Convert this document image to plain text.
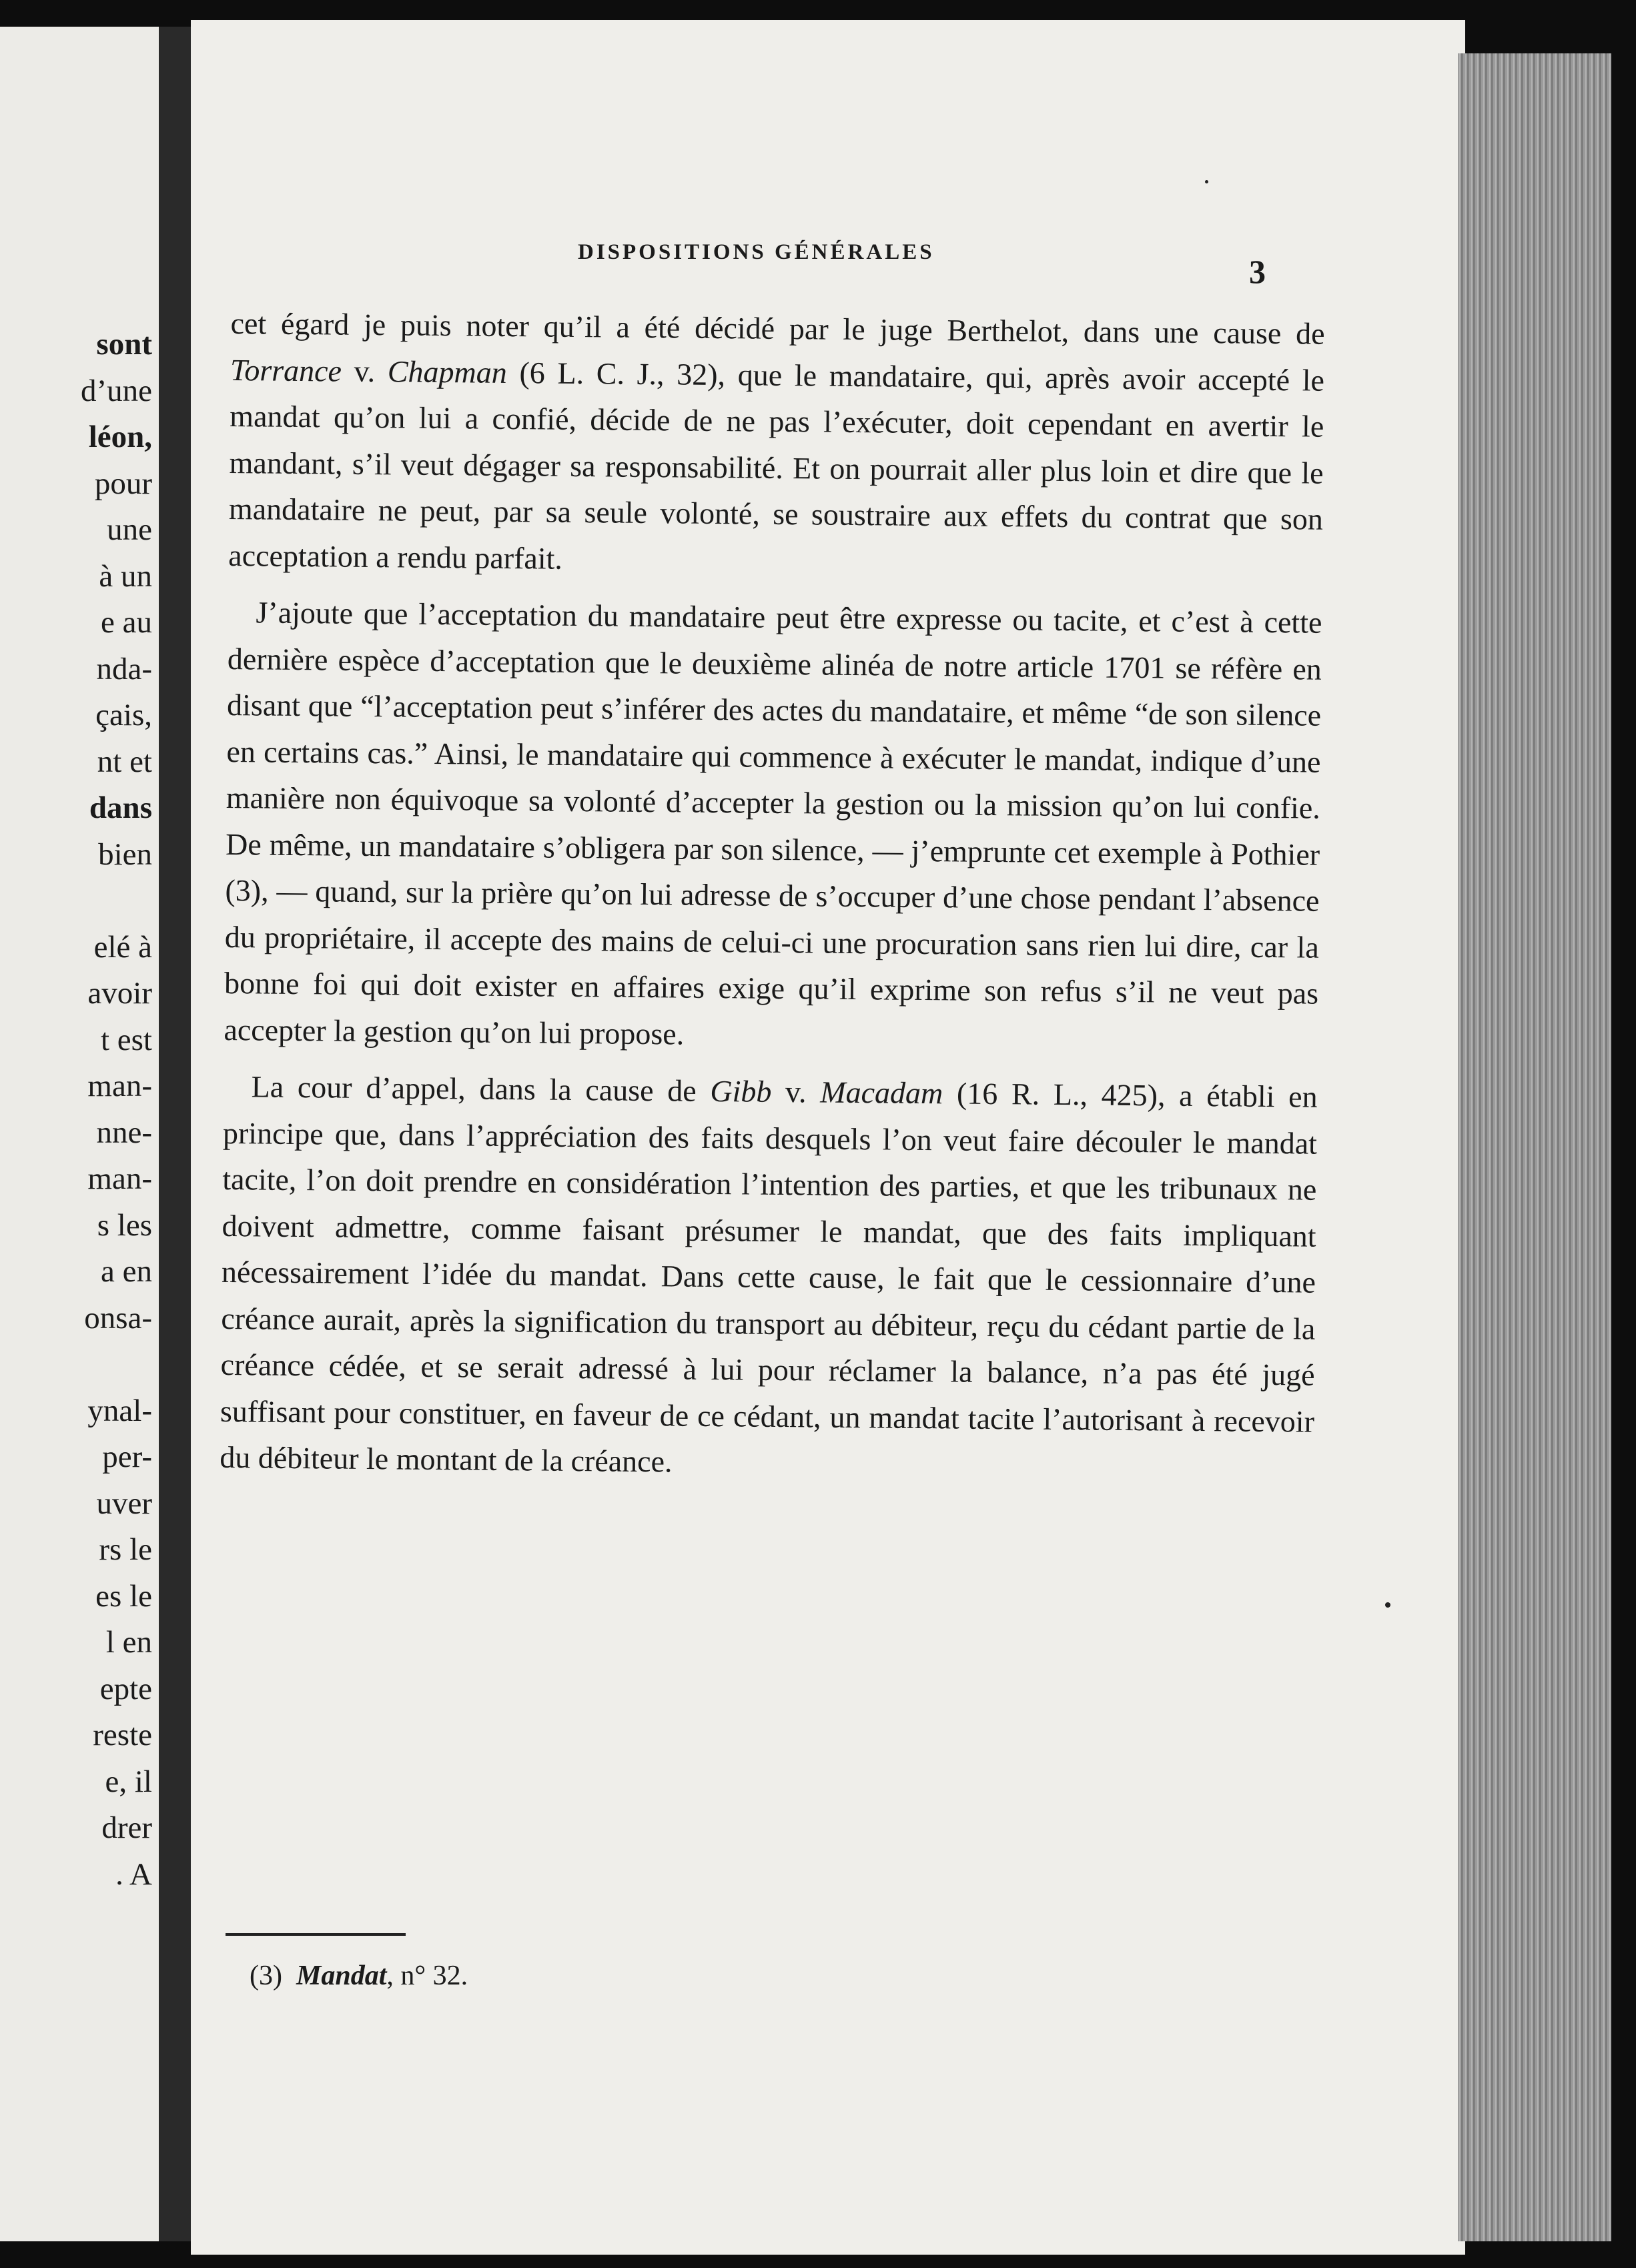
sont
d’une
léon,
pour
une
à un
e au
nda-
çais,
nt et
dans
bien
elé à
avoir
t est
man-
nne-
man-
s les
a en
onsa-
ynal-
per-
uver
rs le
es le
l en
epte
reste
e, il
drer
. A
DISPOSITIONS GÉNÉRALES
3

cet égard je puis noter qu’il a été décidé par le juge Berthelot, dans une cause de Torrance v. Chapman (6 L. C. J., 32), que le mandataire, qui, après avoir accepté le mandat qu’on lui a confié, décide de ne pas l’exécuter, doit cependant en avertir le mandant, s’il veut dégager sa responsabilité. Et on pourrait aller plus loin et dire que le mandataire ne peut, par sa seule volonté, se soustraire aux effets du contrat que son acceptation a rendu parfait.

J’ajoute que l’acceptation du mandataire peut être expresse ou tacite, et c’est à cette dernière espèce d’acceptation que le deuxième alinéa de notre article 1701 se réfère en disant que “l’acceptation peut s’inférer des actes du mandataire, et même “de son silence en certains cas.” Ainsi, le mandataire qui commence à exécuter le mandat, indique d’une manière non équivoque sa volonté d’accepter la gestion ou la mission qu’on lui confie. De même, un mandataire s’obligera par son silence, — j’emprunte cet exemple à Pothier (3), — quand, sur la prière qu’on lui adresse de s’occuper d’une chose pendant l’absence du propriétaire, il accepte des mains de celui-ci une procuration sans rien lui dire, car la bonne foi qui doit exister en affaires exige qu’il exprime son refus s’il ne veut pas accepter la gestion qu’on lui propose.

La cour d’appel, dans la cause de Gibb v. Macadam (16 R. L., 425), a établi en principe que, dans l’appréciation des faits desquels l’on veut faire découler le mandat tacite, l’on doit prendre en considération l’intention des parties, et que les tribunaux ne doivent admettre, comme faisant présumer le mandat, que des faits impliquant nécessairement l’idée du mandat. Dans cette cause, le fait que le cessionnaire d’une créance aurait, après la signification du transport au débiteur, reçu du cédant partie de la créance cédée, et se serait adressé à lui pour réclamer la balance, n’a pas été jugé suffisant pour constituer, en faveur de ce cédant, un mandat tacite l’autorisant à recevoir du débiteur le montant de la créance.

(3) Mandat, n° 32.
